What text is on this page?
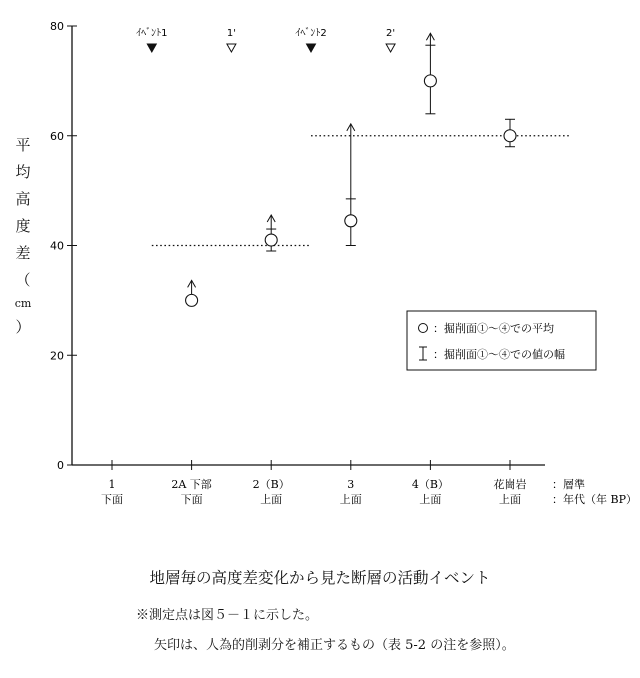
0
20
40
60
80
ｲﾍﾞﾝﾄ1	1'	ｲﾍﾞﾝﾄ2	2'
：掘削面①～④での平均
：掘削面①～④での値の幅
1
下面
2A 下部
下面
2（B）
上面
3
上面
4（B）
上面
花崗岩
上面
：層準
：年代（年 BP）
平
均
高
度
差
（
cm
）
地層毎の高度差変化から見た断層の活動イベント
※測定点は図５－１に示した。
矢印は、人為的削剥分を補正するもの（表 5-2 の注を参照）。
